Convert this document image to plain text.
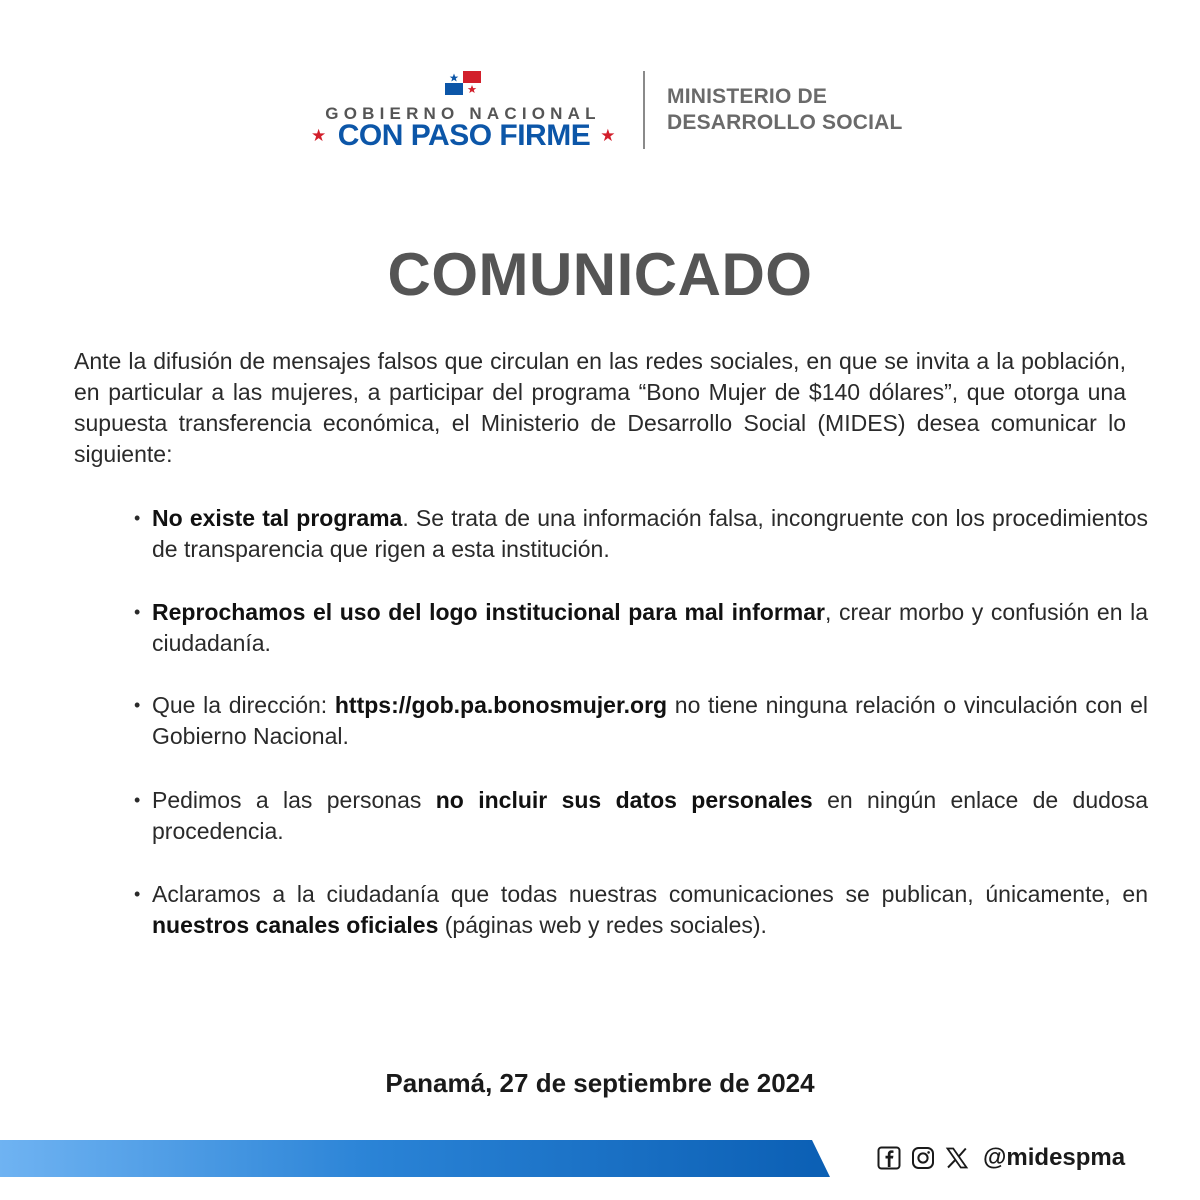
GOBIERNO NACIONAL
★ CON PASO FIRME ★
MINISTERIO DE
DESARROLLO SOCIAL
COMUNICADO
Ante la difusión de mensajes falsos que circulan en las redes sociales, en que se invita a la población, en particular a las mujeres, a participar del programa “Bono Mujer de $140 dólares”, que otorga una supuesta transferencia económica, el Ministerio de Desarrollo Social (MIDES) desea comunicar lo siguiente:
• No existe tal programa. Se trata de una información falsa, incongruente con los procedimientos de transparencia que rigen a esta institución.
• Reprochamos el uso del logo institucional para mal informar, crear morbo y confusión en la ciudadanía.
• Que la dirección: https://gob.pa.bonosmujer.org no tiene ninguna relación o vinculación con el Gobierno Nacional.
• Pedimos a las personas no incluir sus datos personales en ningún enlace de dudosa procedencia.
• Aclaramos a la ciudadanía que todas nuestras comunicaciones se publican, únicamente, en nuestros canales oficiales (páginas web y redes sociales).
Panamá, 27 de septiembre de 2024
@midespma
